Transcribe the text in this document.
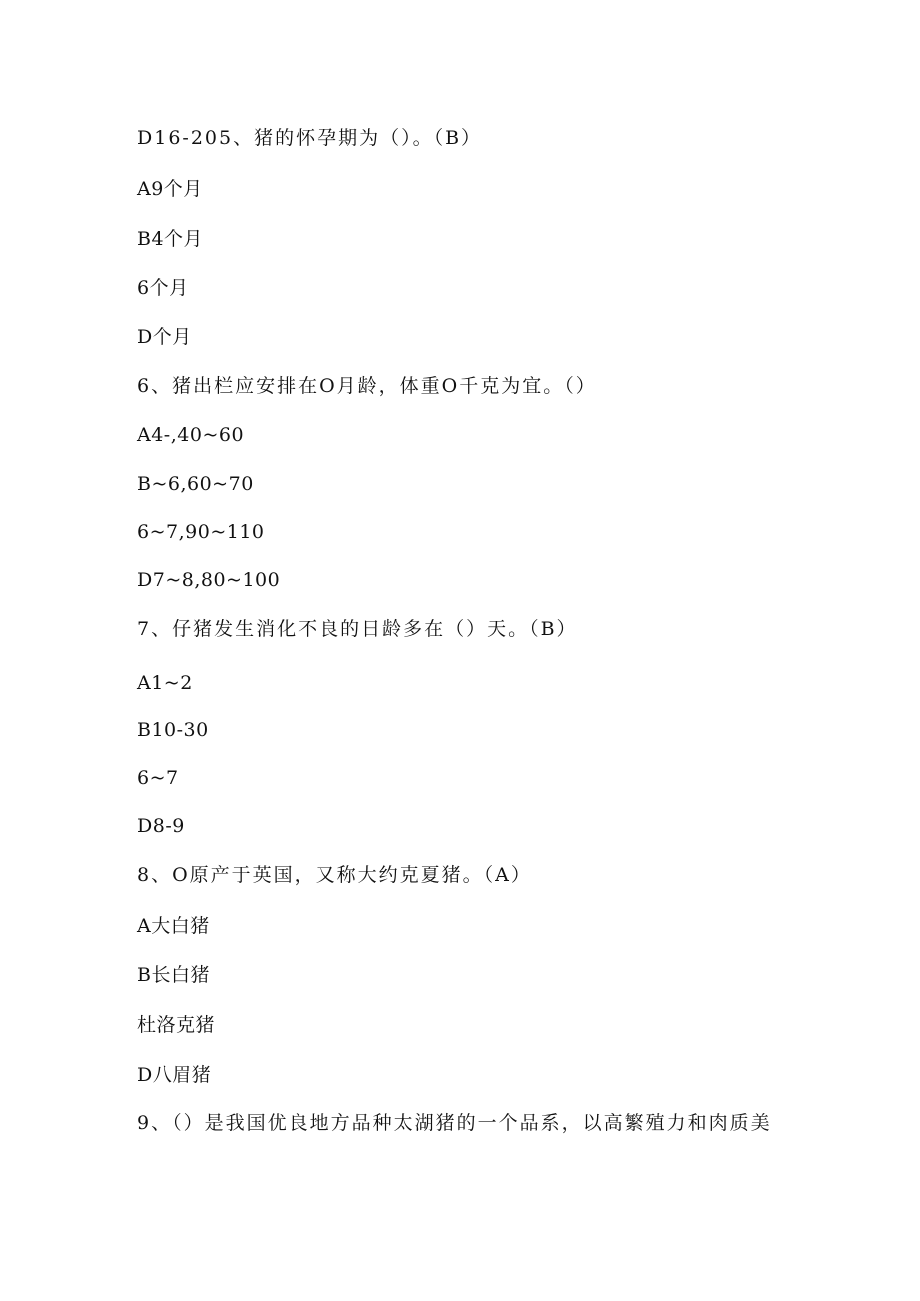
D16-205、猪的怀孕期为（）。（B）
A9个月
B4个月
6个月
D个月
6、猪出栏应安排在O月龄，体重O千克为宜。（）
A4-,40~60
B~6,60~70
6~7,90~110
D7~8,80~100
7、仔猪发生消化不良的日龄多在（）天。（B）
A1~2
B10-30
6~7
D8-9
8、O原产于英国，又称大约克夏猪。（A）
A大白猪
B长白猪
杜洛克猪
D八眉猪
9、（）是我国优良地方品种太湖猪的一个品系，以高繁殖力和肉质美
